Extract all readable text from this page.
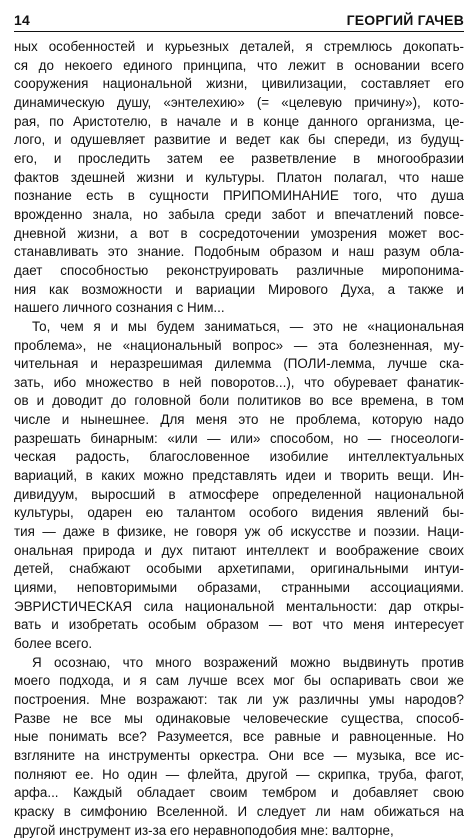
14	ГЕОРГИЙ ГАЧЕВ

ных особенностей и курьезных деталей, я стремлюсь докопать-
ся до некоего единого принципа, что лежит в основании всего
сооружения национальной жизни, цивилизации, составляет его
динамическую душу, «энтелехию» (= «целевую причину»), кото-
рая, по Аристотелю, в начале и в конце данного организма, це-
лого, и одушевляет развитие и ведет как бы спереди, из будущ-
его, и проследить затем ее разветвление в многообразии
фактов здешней жизни и культуры. Платон полагал, что наше
познание есть в сущности ПРИПОМИНАНИЕ того, что душа
врожденно знала, но забыла среди забот и впечатлений повсе-
дневной жизни, а вот в сосредоточении умозрения может вос-
станавливать это знание. Подобным образом и наш разум обла-
дает способностью реконструировать различные миропонима-
ния как возможности и вариации Мирового Духа, а также и
нашего личного сознания с Ним...

То, чем я и мы будем заниматься, — это не «национальная
проблема», не «национальный вопрос» — эта болезненная, му-
чительная и неразрешимая дилемма (ПОЛИ-лемма, лучше ска-
зать, ибо множество в ней поворотов...), что обуревает фанатик-
ов и доводит до головной боли политиков во все времена, в том
числе и нынешнее. Для меня это не проблема, которую надо
разрешать бинарным: «или — или» способом, но — гносеологи-
ческая радость, благословенное изобилие интеллектуальных
вариаций, в каких можно представлять идеи и творить вещи. Ин-
дивидуум, выросший в атмосфере определенной национальной
культуры, одарен ею талантом особого видения явлений бы-
тия — даже в физике, не говоря уж об искусстве и поэзии. Наци-
ональная природа и дух питают интеллект и воображение своих
детей, снабжают особыми архетипами, оригинальными интуи-
циями, неповторимыми образами, странными ассоциациями.
ЭВРИСТИЧЕСКАЯ сила национальной ментальности: дар откры-
вать и изобретать особым образом — вот что меня интересует
более всего.

Я осознаю, что много возражений можно выдвинуть против
моего подхода, и я сам лучше всех мог бы оспаривать свои же
построения. Мне возражают: так ли уж различны умы народов?
Разве не все мы одинаковые человеческие существа, способ-
ные понимать все? Разумеется, все равные и равноценные. Но
взгляните на инструменты оркестра. Они все — музыка, все ис-
полняют ее. Но один — флейта, другой — скрипка, труба, фагот,
арфа... Каждый обладает своим тембром и добавляет свою
краску в симфонию Вселенной. И следует ли нам обижаться на
другой инструмент из-за его неравноподобия мне: валторне,
